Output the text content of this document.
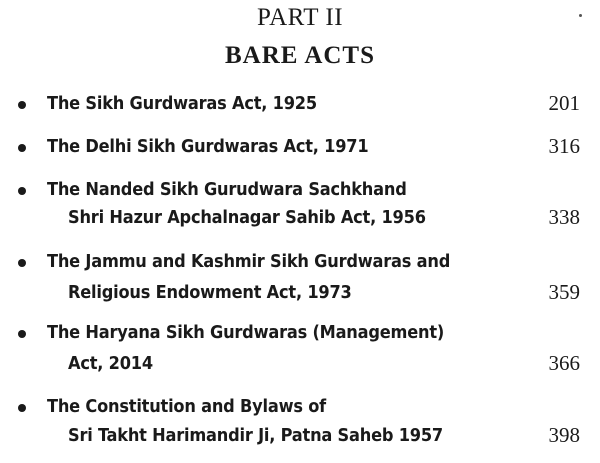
PART II
BARE ACTS
The Sikh Gurdwaras Act, 1925	201
The Delhi Sikh Gurdwaras Act, 1971	316
The Nanded Sikh Gurudwara Sachkhand
Shri Hazur Apchalnagar Sahib Act, 1956	338
The Jammu and Kashmir Sikh Gurdwaras and
Religious Endowment Act, 1973	359
The Haryana Sikh Gurdwaras (Management)
Act, 2014	366
The Constitution and Bylaws of
Sri Takht Harimandir Ji, Patna Saheb 1957	398
